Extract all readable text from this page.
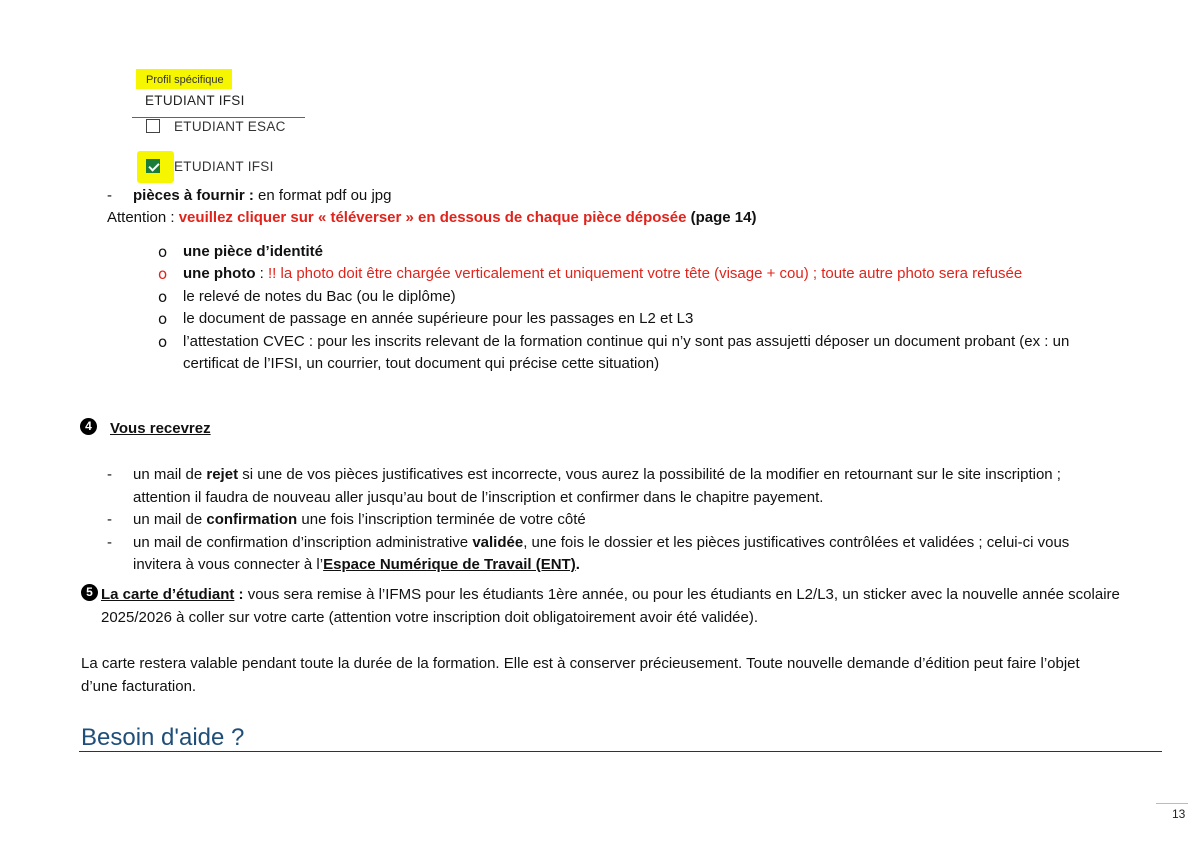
Profil spécifique
ETUDIANT IFSI
ETUDIANT ESAC
ETUDIANT IFSI
- pièces à fournir : en format pdf ou jpg
Attention : veuillez cliquer sur « téléverser » en dessous de chaque pièce déposée (page 14)
o une pièce d’identité
o une photo : !! la photo doit être chargée verticalement et uniquement votre tête (visage + cou) ; toute autre photo sera refusée
o le relevé de notes du Bac (ou le diplôme)
o le document de passage en année supérieure pour les passages en L2 et L3
o l’attestation CVEC : pour les inscrits relevant de la formation continue qui n’y sont pas assujetti déposer un document probant (ex : un
certificat de l’IFSI, un courrier, tout document qui précise cette situation)
4	Vous recevrez
- un mail de rejet si une de vos pièces justificatives est incorrecte, vous aurez la possibilité de la modifier en retournant sur le site inscription ;
attention il faudra de nouveau aller jusqu’au bout de l’inscription et confirmer dans le chapitre payement.
- un mail de confirmation une fois l’inscription terminée de votre côté
- un mail de confirmation d’inscription administrative validée, une fois le dossier et les pièces justificatives contrôlées et validées ; celui-ci vous
invitera à vous connecter à l’Espace Numérique de Travail (ENT).
5 La carte d’étudiant : vous sera remise à l’IFMS pour les étudiants 1ère année, ou pour les étudiants en L2/L3, un sticker avec la nouvelle année scolaire
2025/2026 à coller sur votre carte (attention votre inscription doit obligatoirement avoir été validée).
La carte restera valable pendant toute la durée de la formation. Elle est à conserver précieusement. Toute nouvelle demande d’édition peut faire l’objet
d’une facturation.
Besoin d'aide ?
13
